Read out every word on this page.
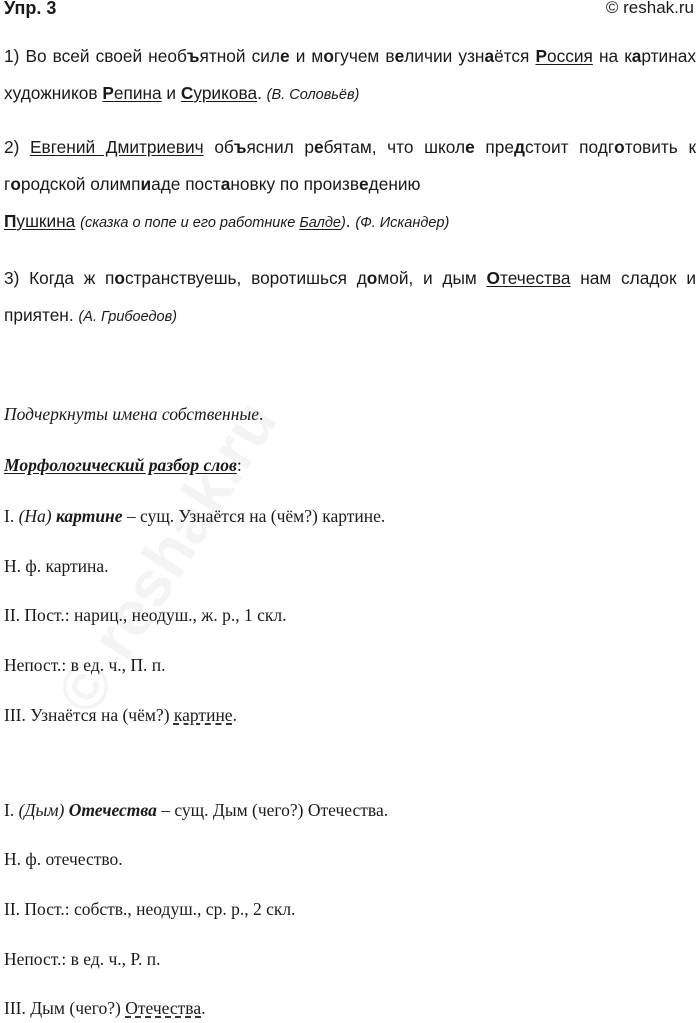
Упр. 3	© reshak.ru
1) Во всей своей необъятной силе и могучем величии узнаётся Россия на картинах художников Репина и Сурикова. (В. Соловьёв)
2) Евгений Дмитриевич объяснил ребятам, что школе предстоит подготовить к городской олимпиаде постановку по произведению
Пушкина (сказка о попе и его работнике Балде). (Ф. Искандер)
3) Когда ж постранствуешь, воротишься домой, и дым Отечества нам сладок и приятен. (А. Грибоедов)
Подчеркнуты имена собственные.
Морфологический разбор слов:
I. (На) картине – сущ. Узнаётся на (чём?) картине.
Н. ф. картина.
II. Пост.: нариц., неодуш., ж. р., 1 скл.
Непост.: в ед. ч., П. п.
III. Узнаётся на (чём?) картине.
I. (Дым) Отечества – сущ. Дым (чего?) Отечества.
Н. ф. отечество.
II. Пост.: собств., неодуш., ср. р., 2 скл.
Непост.: в ед. ч., Р. п.
III. Дым (чего?) Отечества.
